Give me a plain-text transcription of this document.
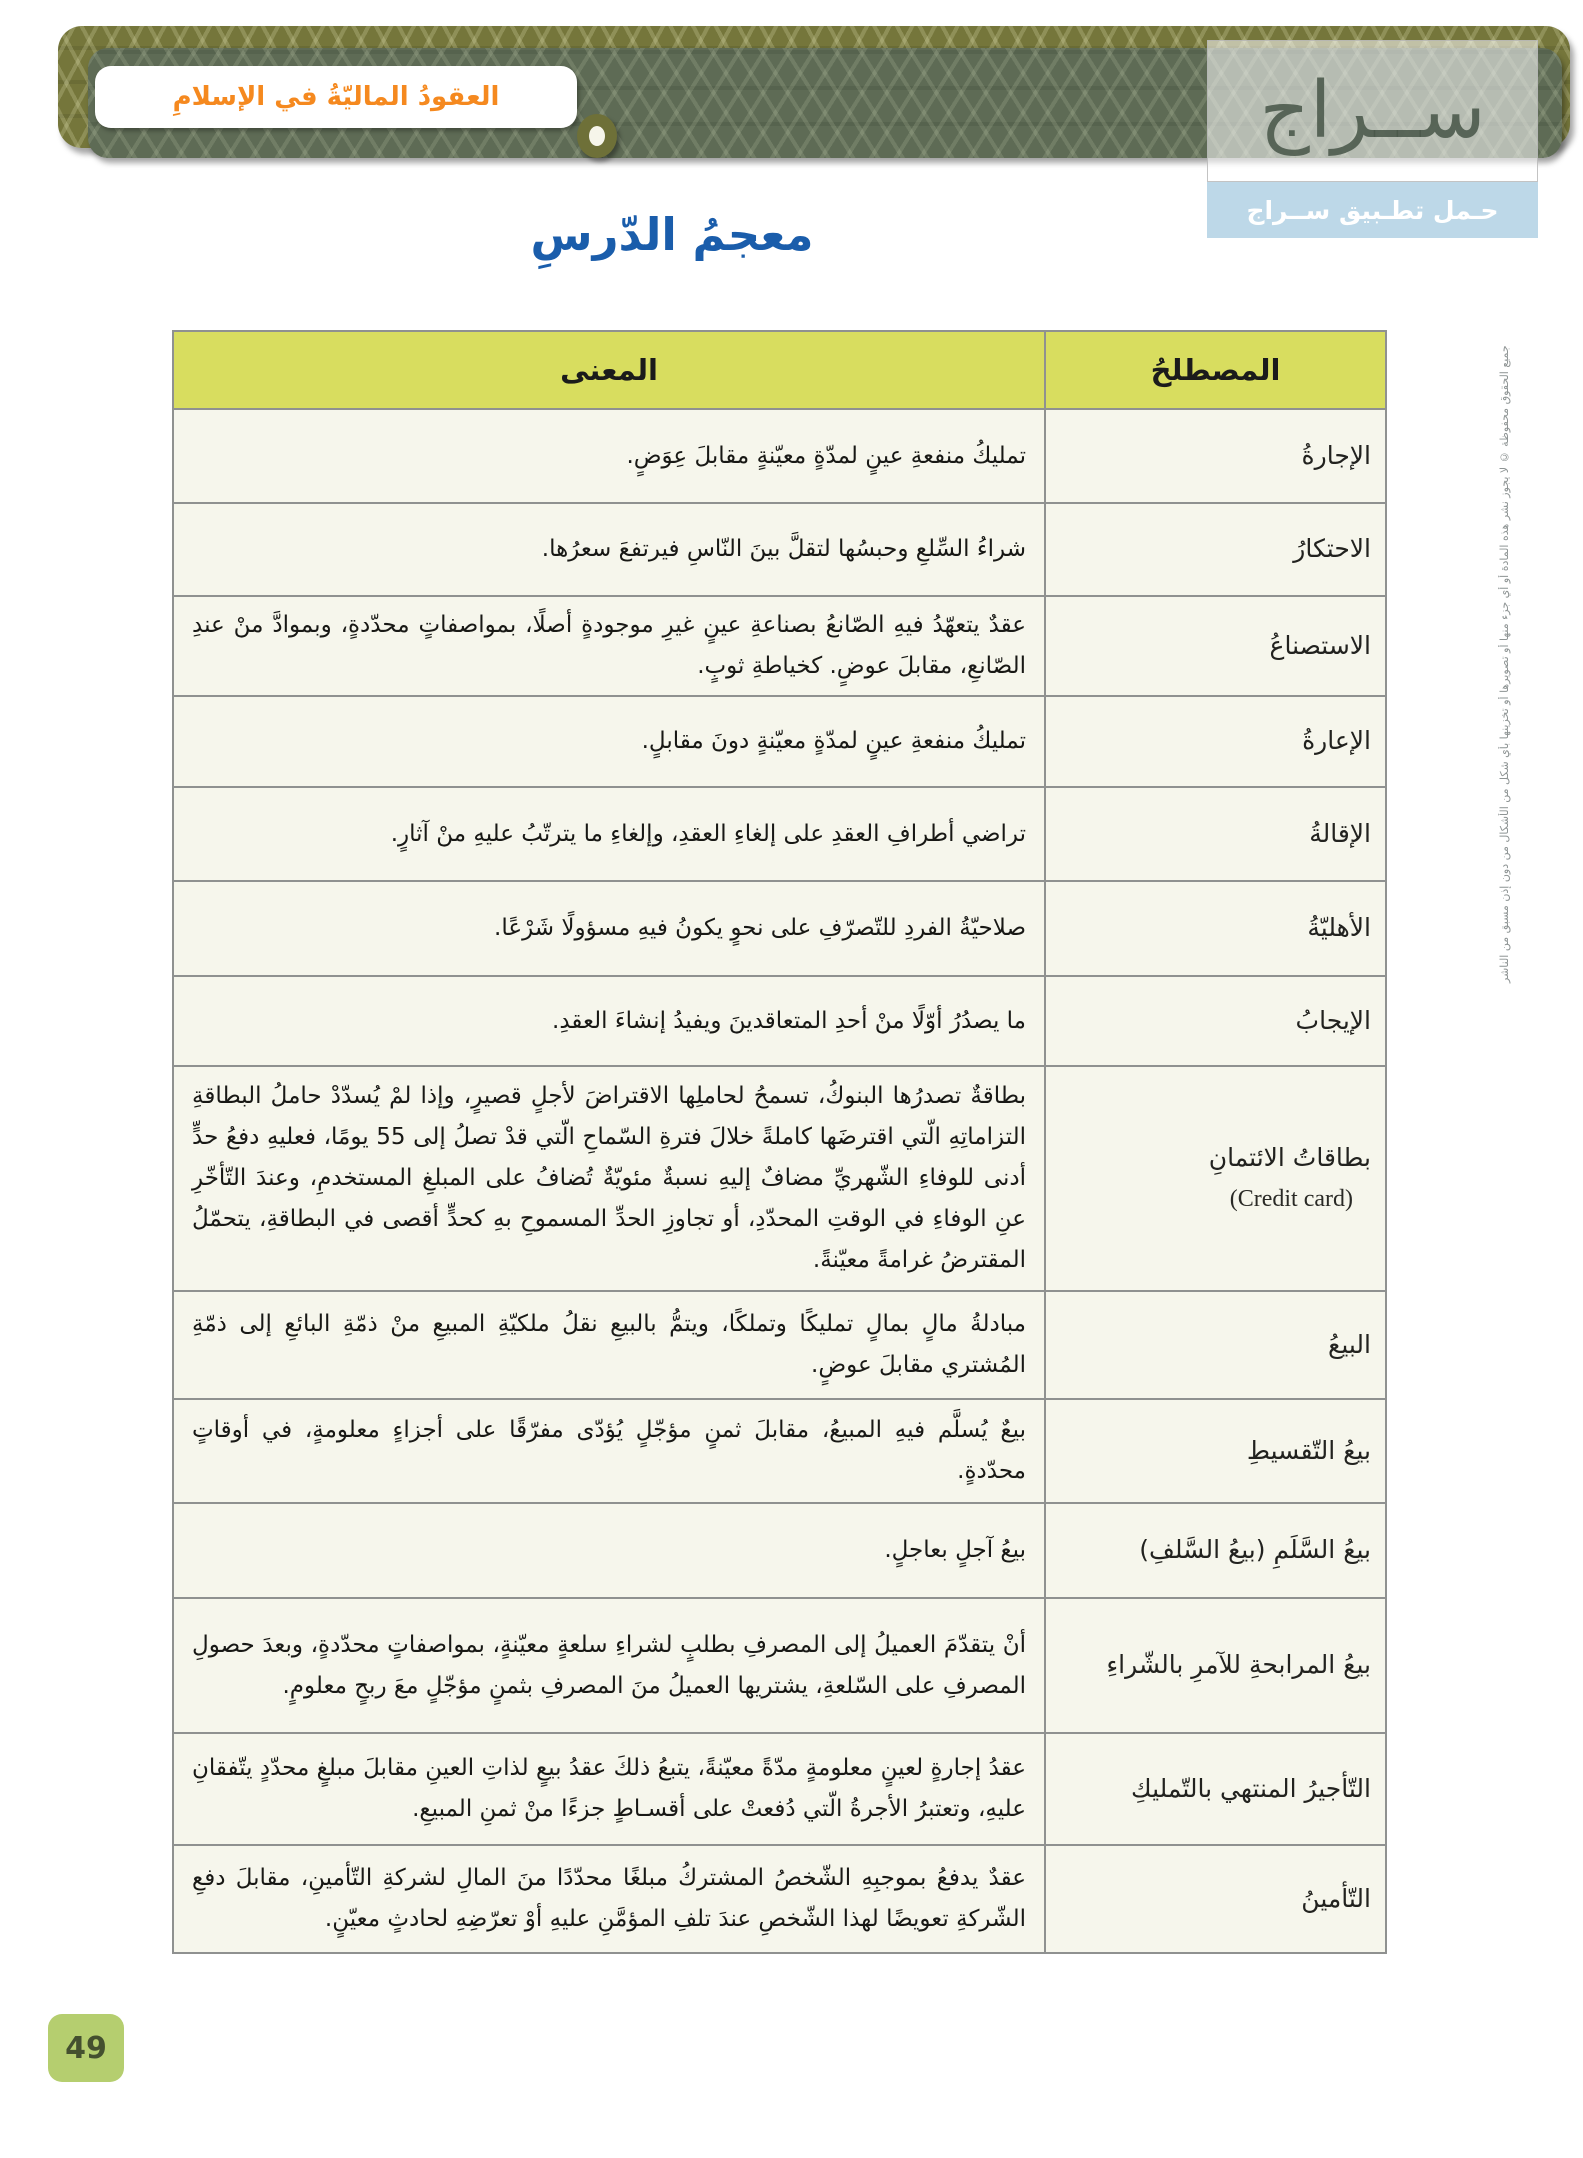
العقودُ الماليّةُ في الإسلامِ	ســراج
حـمل تطـبيق ســراج
معجمُ الدّرسِ
المصطلحُ	المعنى

الإجارةُ	تمليكُ منفعةِ عينٍ لمدّةٍ معيّنةٍ مقابلَ عِوَضٍ.

الاحتكارُ	شراءُ السِّلعِ وحبسُها لتقلَّ بينَ النّاسِ فيرتفعَ سعرُها.

الاستصناعُ	عقدٌ يتعهّدُ فيهِ الصّانعُ بصناعةِ عينٍ غيرِ موجودةٍ أصلًا، بمواصفاتٍ محدّدةٍ، وبموادَّ منْ عندِ الصّانعِ، مقابلَ عوضٍ. كخياطةِ ثوبٍ.

الإعارةُ	تمليكُ منفعةِ عينٍ لمدّةٍ معيّنةٍ دونَ مقابلٍ.

الإقالةُ	تراضي أطرافِ العقدِ على إلغاءِ العقدِ، وإلغاءِ ما يترتّبُ عليهِ منْ آثارٍ.

الأهليّةُ	صلاحيّةُ الفردِ للتّصرّفِ على نحوٍ يكونُ فيهِ مسؤولًا شَرْعًا.

الإيجابُ	ما يصدُرُ أوّلًا منْ أحدِ المتعاقدينَ ويفيدُ إنشاءَ العقدِ.

بطاقاتُ الائتمانِ
(Credit card)	بطاقةٌ تصدرُها البنوكُ، تسمحُ لحاملِها الاقتراضَ لأجلٍ قصيرٍ، وإذا لمْ يُسدّدْ حاملُ البطاقةِ التزاماتِهِ الّتي اقترضَها كاملةً خلالَ فترةِ السّماحِ الّتي قدْ تصلُ إلى 55 يومًا، فعليهِ دفعُ حدٍّ أدنى للوفاءِ الشّهريِّ مضافٌ إليهِ نسبةٌ مئويّةٌ تُضافُ على المبلغِ المستخدمِ، وعندَ التّأخّرِ عنِ الوفاءِ في الوقتِ المحدّدِ، أو تجاوزِ الحدِّ المسموحِ بهِ كحدٍّ أقصى في البطاقةِ، يتحمّلُ المقترضُ غرامةً معيّنةً.

البيعُ	مبادلةُ مالٍ بمالٍ تمليكًا وتملكًا، ويتمُّ بالبيعِ نقلُ ملكيّةِ المبيعِ منْ ذمّةِ البائعِ إلى ذمّةِ المُشتري مقابلَ عوضٍ.

بيعُ التّقسيطِ	بيعٌ يُسلَّم فيهِ المبيعُ، مقابلَ ثمنٍ مؤجّلٍ يُؤدّى مفرّقًا على أجزاءٍ معلومةٍ، في أوقاتٍ محدّدةٍ.

بيعُ السَّلَمِ (بيعُ السَّلفِ)	بيعُ آجلٍ بعاجلٍ.

بيعُ المرابحةِ للآمرِ بالشّراءِ	أنْ يتقدّمَ العميلُ إلى المصرفِ بطلبٍ لشراءِ سلعةٍ معيّنةٍ، بمواصفاتٍ محدّدةٍ، وبعدَ حصولِ المصرفِ على السّلعةِ، يشتريها العميلُ منَ المصرفِ بثمنٍ مؤجّلٍ معَ ربحٍ معلومٍ.

التّأجيرُ المنتهي بالتّمليكِ	عقدُ إجارةٍ لعينٍ معلومةٍ مدّةً معيّنةً، يتبعُ ذلكَ عقدُ بيعٍ لذاتِ العينِ مقابلَ مبلغٍ محدّدٍ يتّفقانِ عليهِ، وتعتبرُ الأجرةُ الّتي دُفعتْ على أقسـاطٍ جزءًا منْ ثمنِ المبيعِ.

التّأمينُ	عقدٌ يدفعُ بموجبِهِ الشّخصُ المشتركُ مبلغًا محدّدًا منَ المالِ لشركةِ التّأمينِ، مقابلَ دفعِ الشّركةِ تعويضًا لهذا الشّخصِ عندَ تلفِ المؤمَّنِ عليهِ أوْ تعرّضِهِ لحادثٍ معيّنٍ.
جميع الحقوق محفوظة © لا يجوز نشر هذه المادة أو أي جزء منها أو تصويرها أو تخزينها بأي شكل من الأشكال من دون إذن مسبق من الناشر
49
